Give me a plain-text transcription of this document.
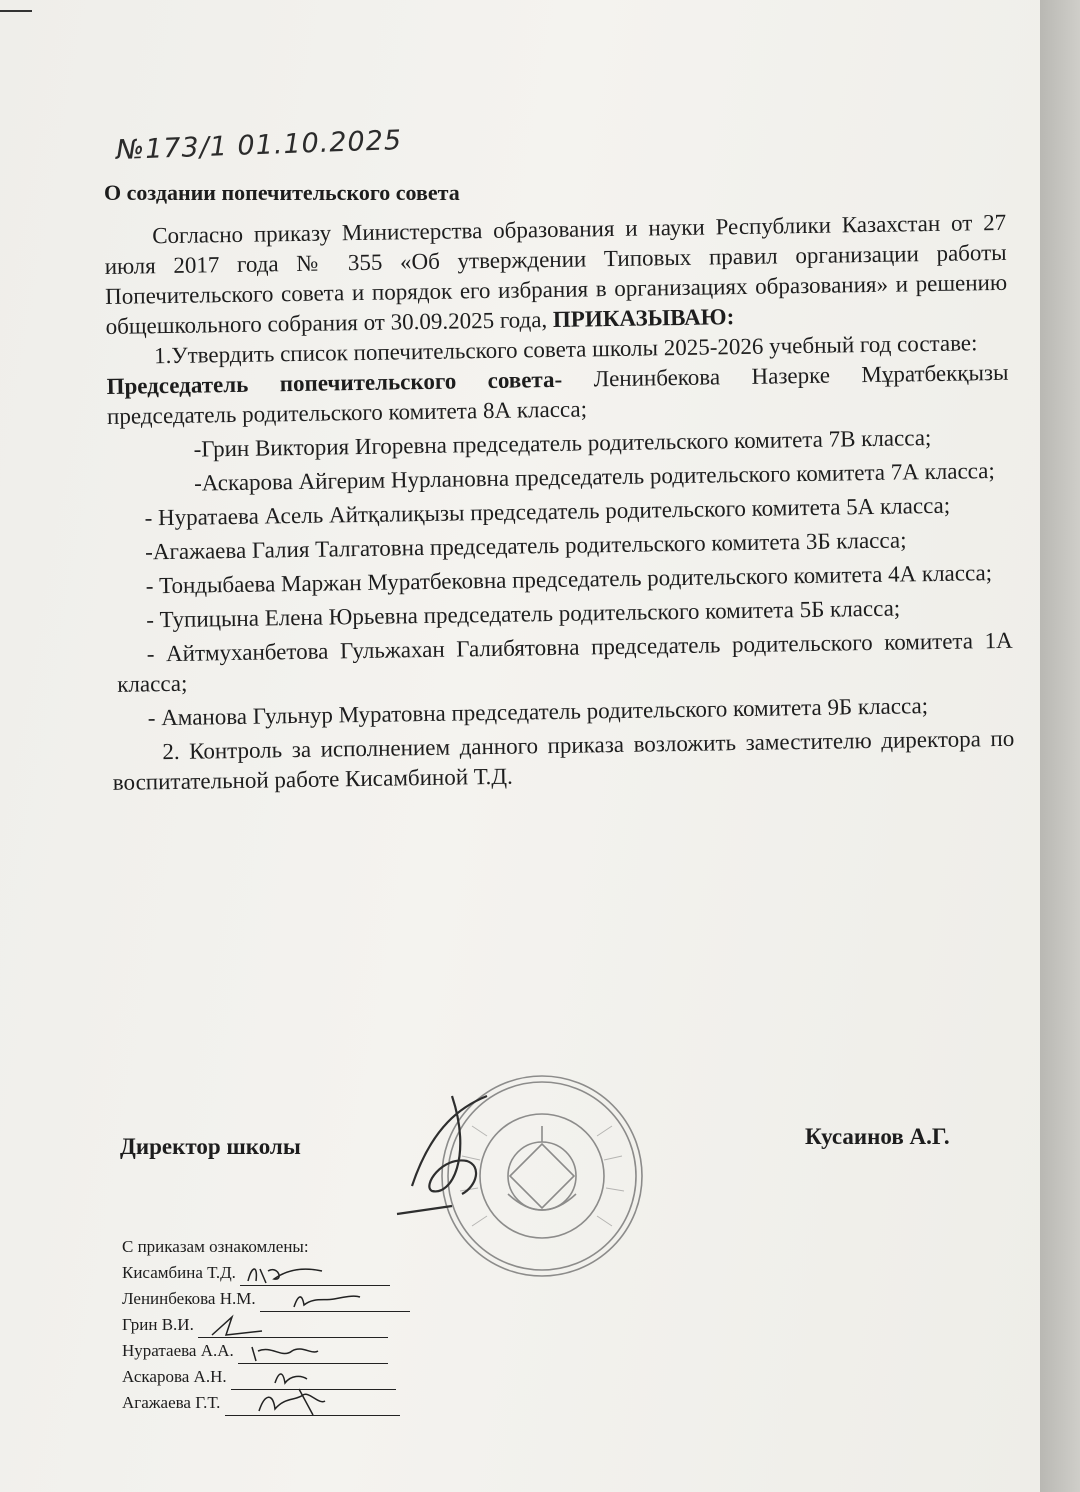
№173/1 01.10.2025
О создании попечительского совета

Согласно приказу Министерства образования и науки Республики Казахстан от 27 июля 2017 года № 355 «Об утверждении Типовых правил организации работы Попечительского совета и порядок его избрания в организациях образования» и решению общешкольного собрания от 30.09.2025 года, ПРИКАЗЫВАЮ:

1.Утвердить список попечительского совета школы 2025-2026 учебный год составе:

Председатель попечительского совета- Ленинбекова Назерке Мұратбекқызы председатель родительского комитета 8А класса;

-Грин Виктория Игоревна председатель родительского комитета 7В класса;

-Аскарова Айгерим Нурлановна председатель родительского комитета 7А класса;

- Нуратаева Асель Айтқалиқызы председатель родительского комитета 5А класса;

-Агажаева Галия Талгатовна председатель родительского комитета 3Б класса;

- Тондыбаева Маржан Муратбековна председатель родительского комитета 4А класса;

- Тупицына Елена Юрьевна председатель родительского комитета 5Б класса;

- Айтмуханбетова Гульжахан Галибятовна председатель родительского комитета 1А класса;

- Аманова Гульнур Муратовна председатель родительского комитета 9Б класса;

2. Контроль за исполнением данного приказа возложить заместителю директора по воспитательной работе Кисамбиной Т.Д.

Директор школы	Кусаинов А.Г.
С приказам ознакомлены:
Кисамбина Т.Д.
Ленинбекова Н.М.
Грин В.И.
Нуратаева А.А.
Аскарова А.Н.
Агажаева Г.Т.
